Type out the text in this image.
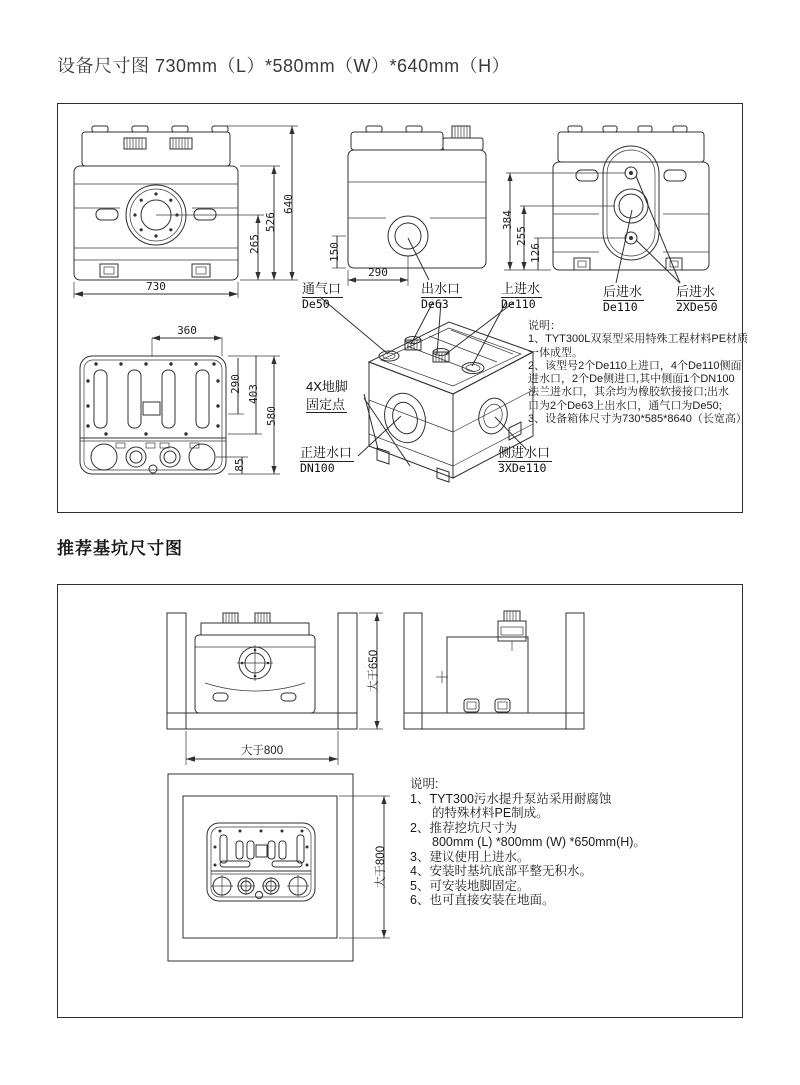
设备尺寸图 730mm（L）*580mm（W）*640mm（H）
730
265
526
640
150
290
384
255
126
360
290
403
580
85
通气口
De50
出水口
De63
上进水
De110
后进水
De110
后进水
2XDe50
4X地脚
固定点
正进水口
DN100
侧进水口
3XDe110
说明：
1、TYT300L双泵型采用特殊工程材料PE材质
一体成型。
2、该型号2个De110上进口，4个De110侧面
进水口，2个De侧进口,其中侧面1个DN100
法兰进水口，其余均为橡胶软接接口;出水
口为2个De63上出水口，通气口为De50;
3、设备箱体尺寸为730*585*8640（长宽高）
推荐基坑尺寸图
大于650
大于800
大于800
说明:
1、TYT300污水提升泵站采用耐腐蚀
的特殊材料PE制成。
2、推荐挖坑尺寸为
800mm (L) *800mm (W) *650mm(H)。
3、建议使用上进水。
4、安装时基坑底部平整无积水。
5、可安装地脚固定。
6、也可直接安装在地面。
